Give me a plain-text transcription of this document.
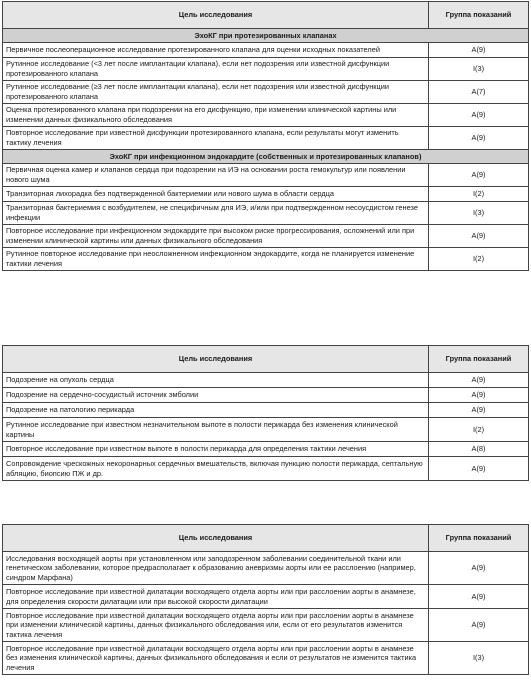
Цель исследования	Группа показаний
ЭхоКГ при протезированных клапанах	
Первичное послеоперационное исследование протезированного клапана для оценки исходных показателей	A(9)
Рутинное исследование (<3 лет после имплантации клапана), если нет подозрения или известной дисфункции протезированного клапана	I(3)
Рутинное исследование (≥3 лет после имплантации клапана), если нет подозрения или известной дисфункции протезированного клапана	A(7)
Оценка протезированного клапана при подозрении на его дисфункцию, при изменении клинической картины или изменении данных физикального обследования	A(9)
Повторное исследование при известной дисфункции протезированного клапана, если результаты могут изменить тактику лечения	A(9)
ЭхоКГ при инфекционном эндокардите (собственных и протезированных клапанов)	
Первичная оценка камер и клапанов сердца при подозрении на ИЭ на основании роста гемокультур или появлении нового шума	A(9)
Транзиторная лихорадка без подтвержденной бактериемии или нового шума в области сердца	I(2)
Транзиторная бактериемия с возбудителем, не специфичным для ИЭ, и/или при подтвержденном несоусдистом генезе инфекции	I(3)
Повторное исследование при инфекционном эндокардите при высоком риске прогрессирования, осложнений или при изменении клинической картины или данных физикального обследования	A(9)
Рутинное повторное исследование при неосложненном инфекционном эндокардите, когда не планируется изменение тактики лечения	I(2)
Цель исследования	Группа показаний
Подозрение на опухоль сердца	A(9)
Подозрение на сердечно-сосудистый источник эмболии	A(9)
Подозрение на патологию перикарда	A(9)
Рутинное исследование при известном незначительном выпоте в полости перикарда без изменения клинической картины	I(2)
Повторное исследование при известном выпоте в полости перикарда для определения тактики лечения	A(8)
Сопровождение чрескожных некоронарных сердечных вмешательств, включая пункцию полости перикарда, септальную абляцию, биопсию ПЖ и др.	A(9)
Цель исследования	Группа показаний
Исследования восходящей аорты при установленном или заподозренном заболевании соединительной ткани или генетическом заболевании, которое предрасполагает к образованию аневризмы аорты или ее расслоению (например, синдром Марфана)	A(9)
Повторное исследование при известной дилатации восходящего отдела аорты или при расслоении аорты в анамнезе, для определения скорости дилатации или при высокой скорости дилатации	A(9)
Повторное исследование при известной дилатации восходящего отдела аорты или при расслоении аорты в анамнезе при изменении клинической картины, данных физикального обследования или, если от его результатов изменится тактика лечения	A(9)
Повторное исследование при известной дилатации восходящего отдела аорты или при расслоении аорты в анамнезе без изменения клинической картины, данных физикального обследования и если от результатов не изменится тактика лечения	I(3)
